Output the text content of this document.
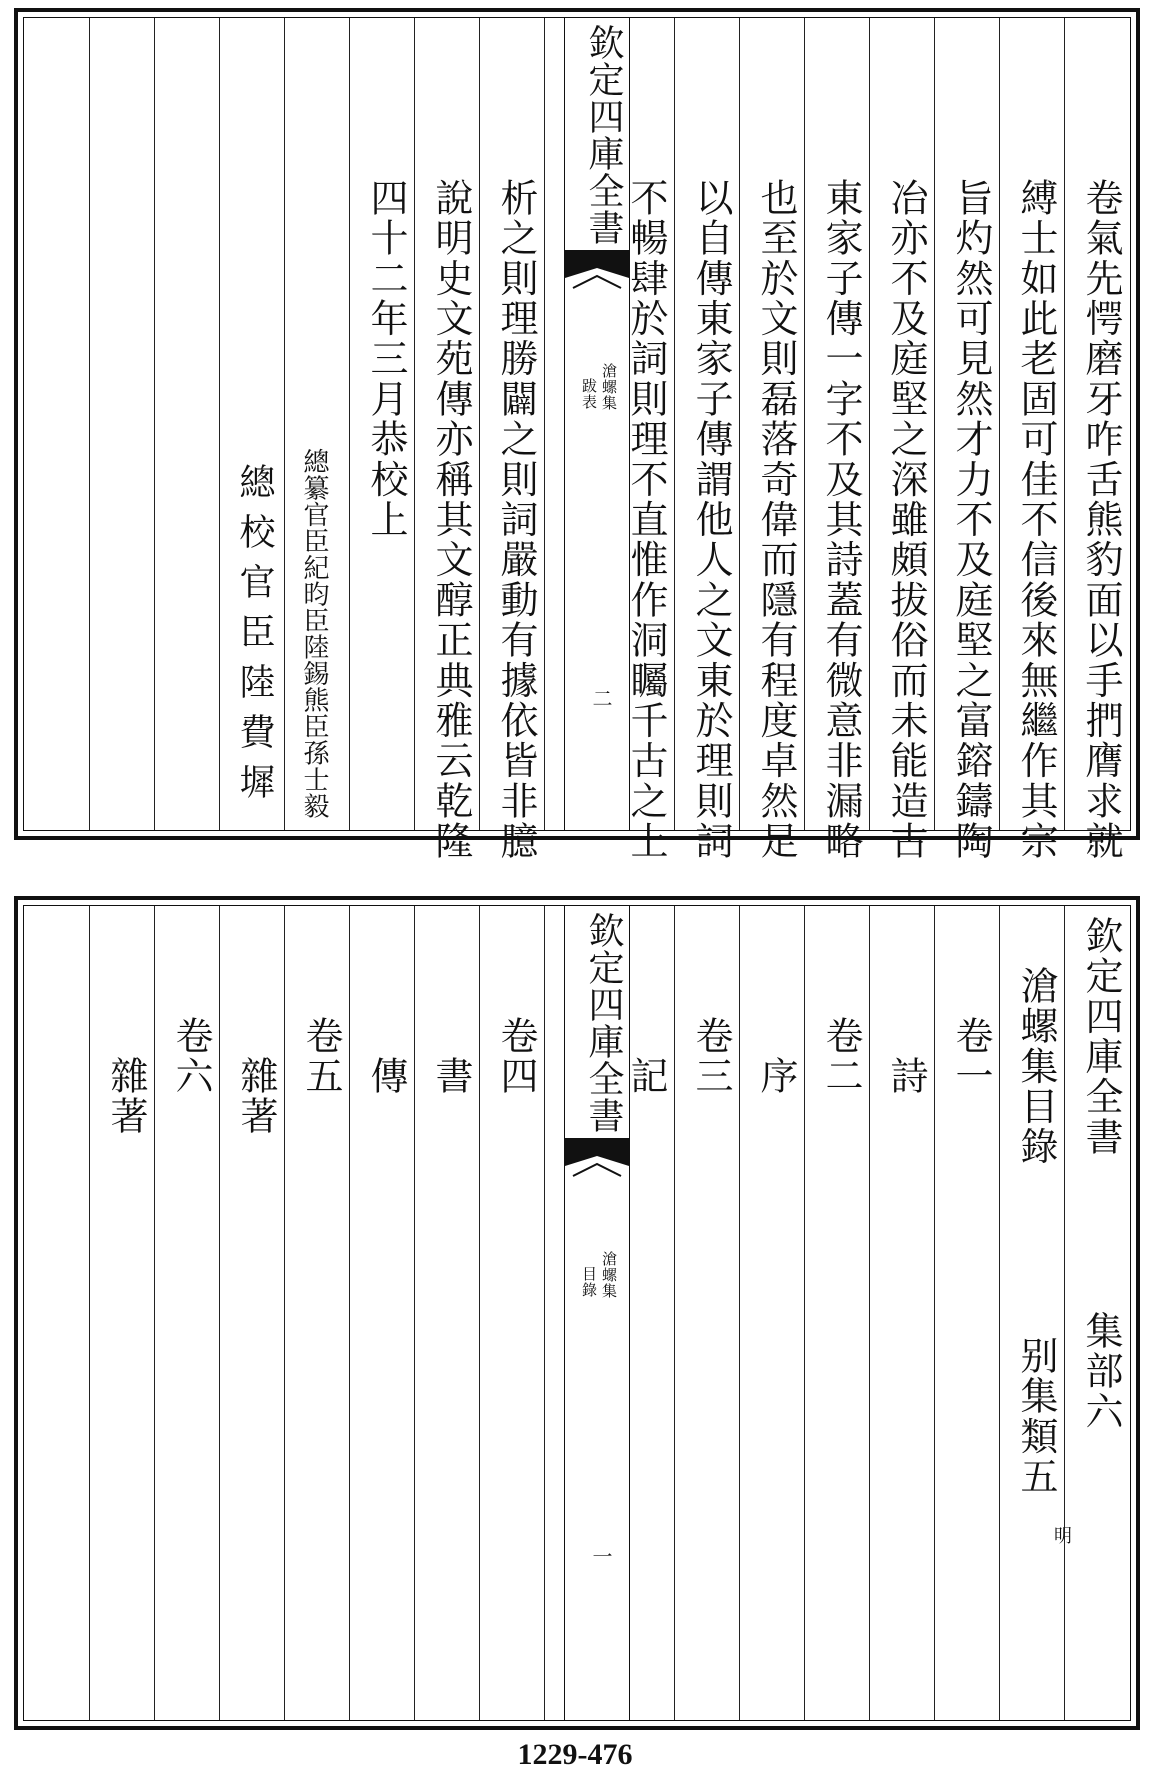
欽定四庫全書
滄螺集
跋表
二	卷氣先愕磨牙咋舌熊豹面以手捫膺求就
縛士如此老固可佳不信後來無繼作其宗
旨灼然可見然才力不及庭堅之富鎔鑄陶
冶亦不及庭堅之深雖頗拔俗而未能造古
東家子傳一字不及其詩蓋有微意非漏略
也至於文則磊落奇偉而隱有程度卓然足
以自傳東家子傳謂他人之文東於理則詞
不暢肆於詞則理不直惟作洞矚千古之上
析之則理勝闢之則詞嚴動有據依皆非臆
說明史文苑傳亦稱其文醇正典雅云乾隆
四十二年三月恭校上
總纂官臣紀昀臣陸錫熊臣孫士毅
總校官臣陸費墀
欽定四庫全書
滄螺集
目錄
一
欽定四庫全書
集部六
滄螺集目錄
别集類五
明
卷一
詩
卷二
序
卷三
記
卷四
書
傳
卷五
雜著
卷六
雜著
1229-476
